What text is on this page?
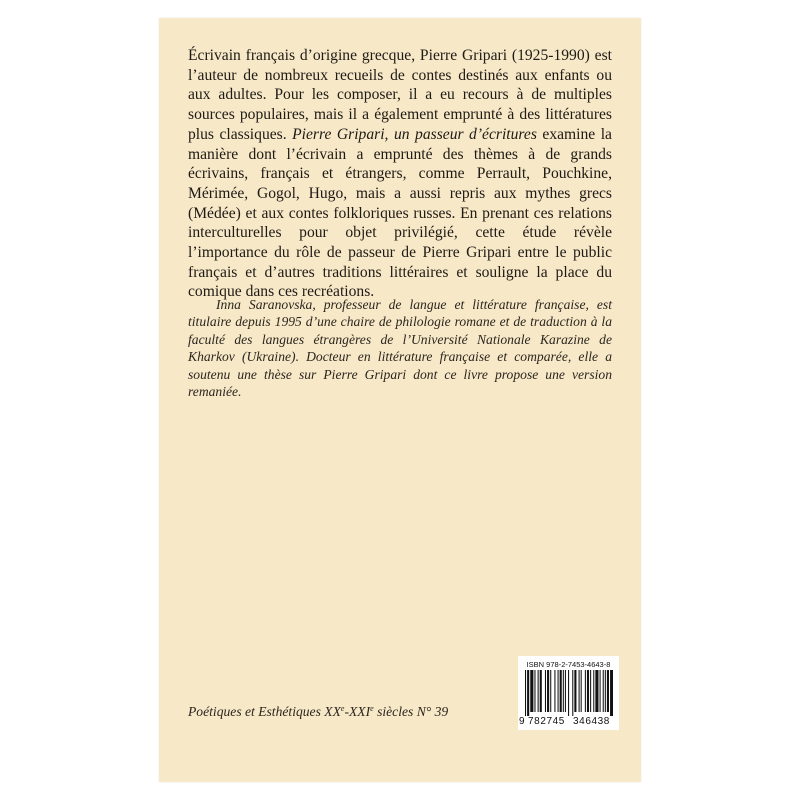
Écrivain français d’origine grecque, Pierre Gripari (1925-1990) est l’auteur de nombreux recueils de contes destinés aux enfants ou aux adultes. Pour les composer, il a eu recours à de multiples sources populaires, mais il a également emprunté à des littératures plus classiques. Pierre Gripari, un passeur d’écritures examine la manière dont l’écrivain a emprunté des thèmes à de grands écrivains, français et étrangers, comme Perrault, Pouchkine, Mérimée, Gogol, Hugo, mais a aussi repris aux mythes grecs (Médée) et aux contes folkloriques russes. En prenant ces relations interculturelles pour objet privilégié, cette étude révèle l’importance du rôle de passeur de Pierre Gripari entre le public français et d’autres traditions littéraires et souligne la place du comique dans ces recréations.

Inna Saranovska, professeur de langue et littérature française, est titulaire depuis 1995 d’une chaire de philologie romane et de traduction à la faculté des langues étrangères de l’Université Nationale Karazine de Kharkov (Ukraine). Docteur en littérature française et comparée, elle a soutenu une thèse sur Pierre Gripari dont ce livre propose une version remaniée.

Poétiques et Esthétiques XXe-XXIe siècles N° 39
ISBN 978-2-7453-4643-8
9 782745 346438
